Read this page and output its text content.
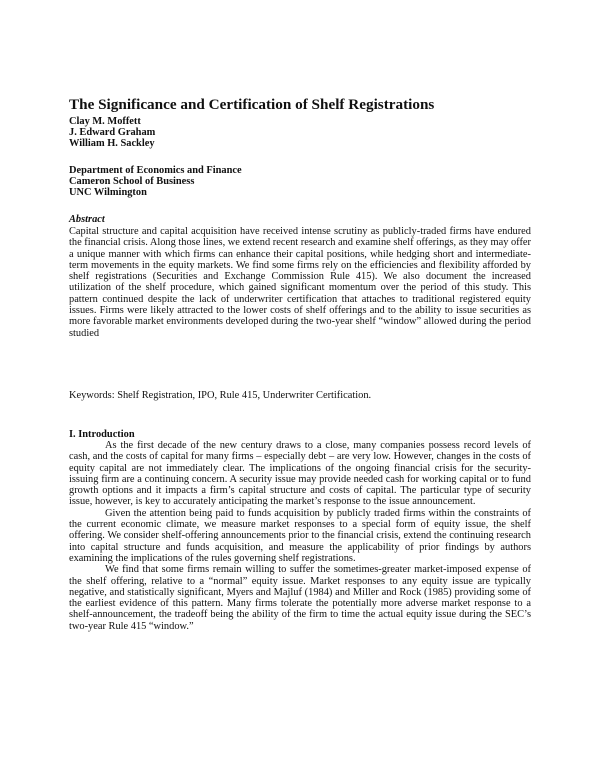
The Significance and Certification of Shelf Registrations
Clay M. Moffett
J. Edward Graham
William H. Sackley
Department of Economics and Finance
Cameron School of Business
UNC Wilmington
Abstract
Capital structure and capital acquisition have received intense scrutiny as publicly-traded firms have endured the financial crisis. Along those lines, we extend recent research and examine shelf offerings, as they may offer a unique manner with which firms can enhance their capital positions, while hedging short and intermediate-term movements in the equity markets. We find some firms rely on the efficiencies and flexibility afforded by shelf registrations (Securities and Exchange Commission Rule 415). We also document the increased utilization of the shelf procedure, which gained significant momentum over the period of this study. This pattern continued despite the lack of underwriter certification that attaches to traditional registered equity issues. Firms were likely attracted to the lower costs of shelf offerings and to the ability to issue securities as more favorable market environments developed during the two-year shelf “window” allowed during the period studied
Keywords: Shelf Registration, IPO, Rule 415, Underwriter Certification.
I. Introduction

As the first decade of the new century draws to a close, many companies possess record levels of cash, and the costs of capital for many firms – especially debt – are very low. However, changes in the costs of equity capital are not immediately clear. The implications of the ongoing financial crisis for the security-issuing firm are a continuing concern. A security issue may provide needed cash for working capital or to fund growth options and it impacts a firm’s capital structure and costs of capital. The particular type of security issue, however, is key to accurately anticipating the market’s response to the issue announcement.

Given the attention being paid to funds acquisition by publicly traded firms within the constraints of the current economic climate, we measure market responses to a special form of equity issue, the shelf offering. We consider shelf-offering announcements prior to the financial crisis, extend the continuing research into capital structure and funds acquisition, and measure the applicability of prior findings by authors examining the implications of the rules governing shelf registrations.

We find that some firms remain willing to suffer the sometimes-greater market-imposed expense of the shelf offering, relative to a “normal” equity issue. Market responses to any equity issue are typically negative, and statistically significant, Myers and Majluf (1984) and Miller and Rock (1985) providing some of the earliest evidence of this pattern. Many firms tolerate the potentially more adverse market response to a shelf-announcement, the tradeoff being the ability of the firm to time the actual equity issue during the SEC’s two-year Rule 415 “window.”
